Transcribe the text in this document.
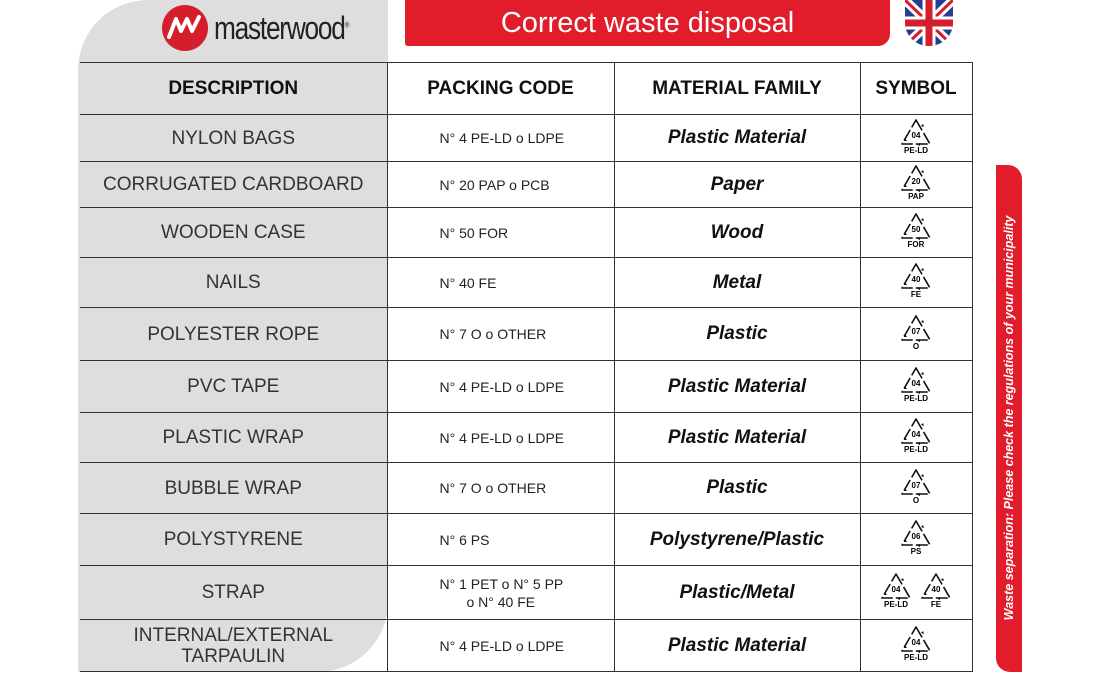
masterwood®	Correct waste disposal
DESCRIPTION	PACKING CODE	MATERIAL FAMILY	SYMBOL
NYLON BAGS	N° 4 PE-LD o LDPE	Plastic Material	04
PE-LD

CORRUGATED CARDBOARD	N° 20 PAP o PCB	Paper	20
PAP

WOODEN CASE	N° 50 FOR	Wood	50
FOR

NAILS	N° 40 FE	Metal	40
FE

POLYESTER ROPE	N° 7 O o OTHER	Plastic	07
O

PVC TAPE	N° 4 PE-LD o LDPE	Plastic Material	04
PE-LD

PLASTIC WRAP	N° 4 PE-LD o LDPE	Plastic Material	04
PE-LD

BUBBLE WRAP	N° 7 O o OTHER	Plastic	07
O

POLYSTYRENE	N° 6 PS	Polystyrene/Plastic	06
PS

STRAP	N° 1 PET o N° 5 PP
o N° 40 FE	Plastic/Metal	04
PE-LD
40
FE

INTERNAL/EXTERNAL TARPAULIN	N° 4 PE-LD o LDPE	Plastic Material	04
PE-LD
Waste separation: Please check the regulations of your municipality
